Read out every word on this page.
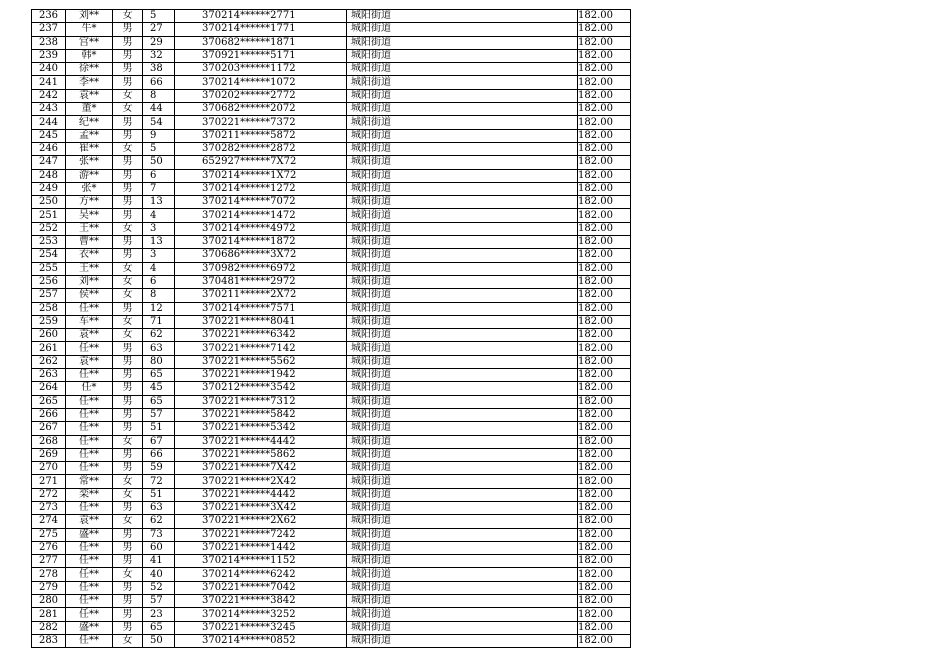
236	刘**	女	5	370214******2771	城阳街道	182.00
237	牛*	男	27	370214******1771	城阳街道	182.00
238	宫**	男	29	370682******1871	城阳街道	182.00
239	韩*	男	32	370921******5171	城阳街道	182.00
240	徐**	男	38	370203******1172	城阳街道	182.00
241	李**	男	66	370214******1072	城阳街道	182.00
242	袁**	女	8	370202******2772	城阳街道	182.00
243	董*	女	44	370682******2072	城阳街道	182.00
244	纪**	男	54	370221******7372	城阳街道	182.00
245	孟**	男	9	370211******5872	城阳街道	182.00
246	崔**	女	5	370282******2872	城阳街道	182.00
247	张**	男	50	652927******7X72	城阳街道	182.00
248	游**	男	6	370214******1X72	城阳街道	182.00
249	张*	男	7	370214******1272	城阳街道	182.00
250	方**	男	13	370214******7072	城阳街道	182.00
251	吴**	男	4	370214******1472	城阳街道	182.00
252	王**	女	3	370214******4972	城阳街道	182.00
253	曹**	男	13	370214******1872	城阳街道	182.00
254	衣**	男	3	370686******3X72	城阳街道	182.00
255	王**	女	4	370982******6972	城阳街道	182.00
256	刘**	女	6	370481******2972	城阳街道	182.00
257	侯**	女	8	370211******2X72	城阳街道	182.00
258	任**	男	12	370214******7571	城阳街道	182.00
259	车**	女	71	370221******8041	城阳街道	182.00
260	袁**	女	62	370221******6342	城阳街道	182.00
261	任**	男	63	370221******7142	城阳街道	182.00
262	袁**	男	80	370221******5562	城阳街道	182.00
263	任**	男	65	370221******1942	城阳街道	182.00
264	任*	男	45	370212******3542	城阳街道	182.00
265	任**	男	65	370221******7312	城阳街道	182.00
266	任**	男	57	370221******5842	城阳街道	182.00
267	任**	男	51	370221******5342	城阳街道	182.00
268	任**	女	67	370221******4442	城阳街道	182.00
269	任**	男	66	370221******5862	城阳街道	182.00
270	任**	男	59	370221******7X42	城阳街道	182.00
271	常**	女	72	370221******2X42	城阳街道	182.00
272	栾**	女	51	370221******4442	城阳街道	182.00
273	任**	男	63	370221******3X42	城阳街道	182.00
274	袁**	女	62	370221******2X62	城阳街道	182.00
275	盛**	男	73	370221******7242	城阳街道	182.00
276	任**	男	60	370221******1442	城阳街道	182.00
277	任**	男	41	370214******1152	城阳街道	182.00
278	任**	女	40	370214******6242	城阳街道	182.00
279	任**	男	52	370221******7042	城阳街道	182.00
280	任**	男	57	370221******3842	城阳街道	182.00
281	任**	男	23	370214******3252	城阳街道	182.00
282	盛**	男	65	370221******3245	城阳街道	182.00
283	任**	女	50	370214******0852	城阳街道	182.00
